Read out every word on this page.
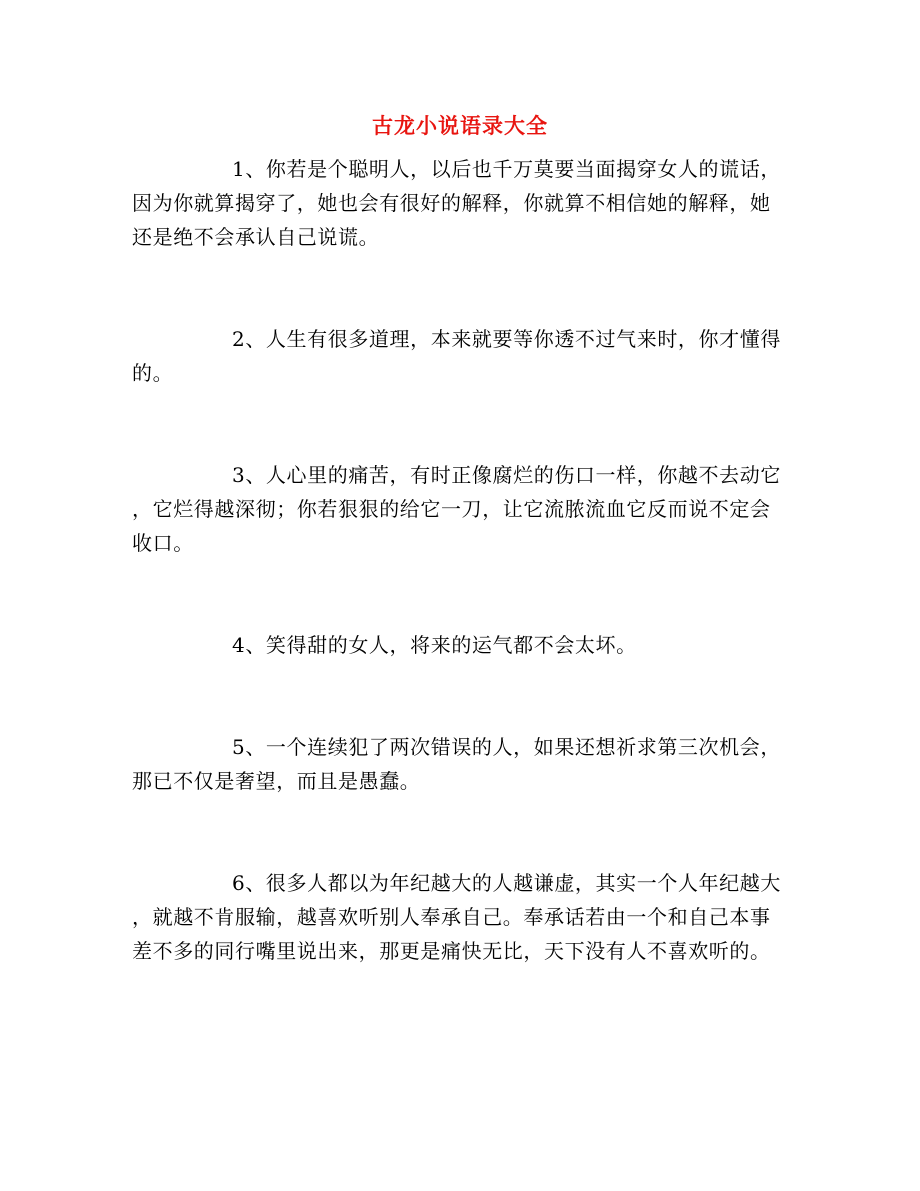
古龙小说语录大全

1、你若是个聪明人，以后也千万莫要当面揭穿女人的谎话，因为你就算揭穿了，她也会有很好的解释，你就算不相信她的解释，她还是绝不会承认自己说谎。

2、人生有很多道理，本来就要等你透不过气来时，你才懂得的。

3、人心里的痛苦，有时正像腐烂的伤口一样，你越不去动它，它烂得越深彻；你若狠狠的给它一刀，让它流脓流血它反而说不定会收口。

4、笑得甜的女人，将来的运气都不会太坏。

5、一个连续犯了两次错误的人，如果还想祈求第三次机会，那已不仅是奢望，而且是愚蠢。

6、很多人都以为年纪越大的人越谦虚，其实一个人年纪越大，就越不肯服输，越喜欢听别人奉承自己。奉承话若由一个和自己本事差不多的同行嘴里说出来，那更是痛快无比，天下没有人不喜欢听的。
